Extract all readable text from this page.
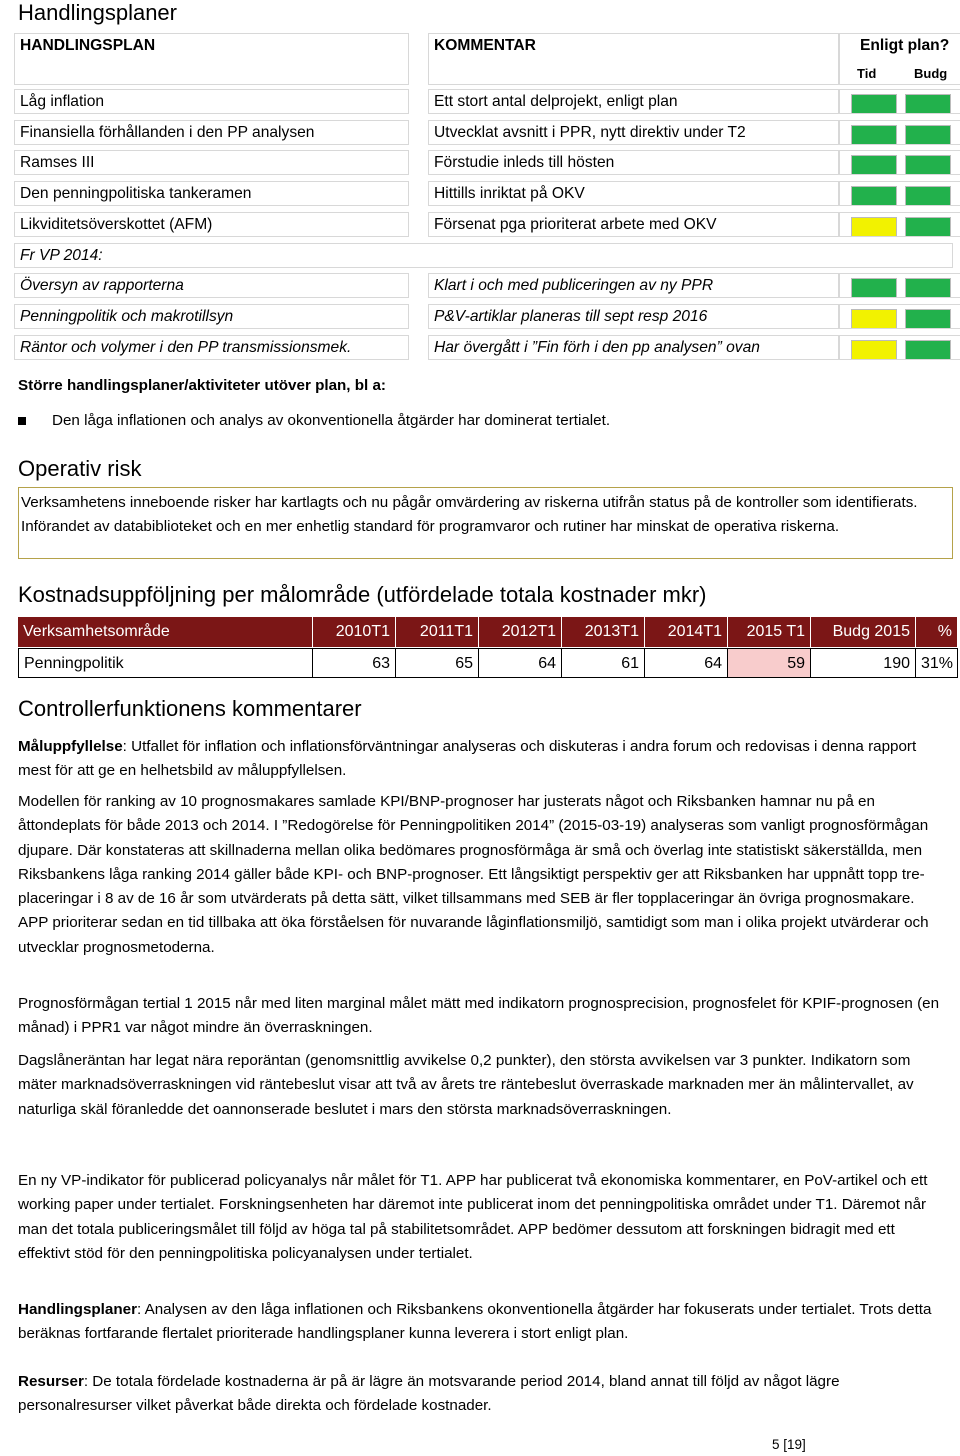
Handlingsplaner
HANDLINGSPLAN	KOMMENTAR	Enligt plan?
Tid	Budg
Låg inflation	Ett stort antal delprojekt, enligt plan
Finansiella förhållanden i den PP analysen	Utvecklat avsnitt i PPR, nytt direktiv under T2
Ramses III	Förstudie inleds till hösten
Den penningpolitiska tankeramen	Hittills inriktat på OKV
Likviditetsöverskottet (AFM)	Försenat pga prioriterat arbete med OKV
Fr VP 2014:
Översyn av rapporterna	Klart i och med publiceringen av ny PPR
Penningpolitik och makrotillsyn	P&V-artiklar planeras till sept resp 2016
Räntor och volymer i den PP transmissionsmek.	Har övergått i ”Fin förh i den pp analysen” ovan
Större handlingsplaner/aktiviteter utöver plan, bl a:
Den låga inflationen och analys av okonventionella åtgärder har dominerat tertialet.
Operativ risk
Verksamhetens inneboende risker har kartlagts och nu pågår omvärdering av riskerna utifrån status på de kontroller som identifierats. Införandet av databiblioteket och en mer enhetlig standard för programvaror och rutiner har minskat de operativa riskerna.
Kostnadsuppföljning per målområde (utfördelade totala kostnader mkr)
Verksamhetsområde	2010T1	2011T1	2012T1	2013T1	2014T1	2015 T1	Budg 2015	%
Penningpolitik	63	65	64	61	64	59	190 31%
Controllerfunktionens kommentarer
Måluppfyllelse: Utfallet för inflation och inflationsförväntningar analyseras och diskuteras i andra forum och redovisas i denna rapport mest för att ge en helhetsbild av måluppfyllelsen.
Modellen för ranking av 10 prognosmakares samlade KPI/BNP-prognoser har justerats något och Riksbanken hamnar nu på en åttondeplats för både 2013 och 2014. I ”Redogörelse för Penningpolitiken 2014” (2015-03-19) analyseras som vanligt prognosförmågan djupare. Där konstateras att skillnaderna mellan olika bedömares prognosförmåga är små och överlag inte statistiskt säkerställda, men Riksbankens låga ranking 2014 gäller både KPI- och BNP-prognoser. Ett långsiktigt perspektiv ger att Riksbanken har uppnått topp tre-placeringar i 8 av de 16 år som utvärderats på detta sätt, vilket tillsammans med SEB är fler topplaceringar än övriga prognosmakare. APP prioriterar sedan en tid tillbaka att öka förståelsen för nuvarande låginflationsmiljö, samtidigt som man i olika projekt utvärderar och utvecklar prognosmetoderna.
Prognosförmågan tertial 1 2015 når med liten marginal målet mätt med indikatorn prognosprecision, prognosfelet för KPIF-prognosen (en månad) i PPR1 var något mindre än överraskningen.
Dagslåneräntan har legat nära reporäntan (genomsnittlig avvikelse 0,2 punkter), den största avvikelsen var 3 punkter. Indikatorn som mäter marknadsöverraskningen vid räntebeslut visar att två av årets tre räntebeslut överraskade marknaden mer än målintervallet, av naturliga skäl föranledde det oannonserade beslutet i mars den största marknadsöverraskningen.
En ny VP-indikator för publicerad policyanalys når målet för T1. APP har publicerat två ekonomiska kommentarer, en PoV-artikel och ett working paper under tertialet. Forskningsenheten har däremot inte publicerat inom det penningpolitiska området under T1. Däremot når man det totala publiceringsmålet till följd av höga tal på stabilitetsområdet. APP bedömer dessutom att forskningen bidragit med ett effektivt stöd för den penningpolitiska policyanalysen under tertialet.
Handlingsplaner: Analysen av den låga inflationen och Riksbankens okonventionella åtgärder har fokuserats under tertialet. Trots detta beräknas fortfarande flertalet prioriterade handlingsplaner kunna leverera i stort enligt plan.
Resurser: De totala fördelade kostnaderna är på är lägre än motsvarande period 2014, bland annat till följd av något lägre personalresurser vilket påverkat både direkta och fördelade kostnader.
5 [19]
